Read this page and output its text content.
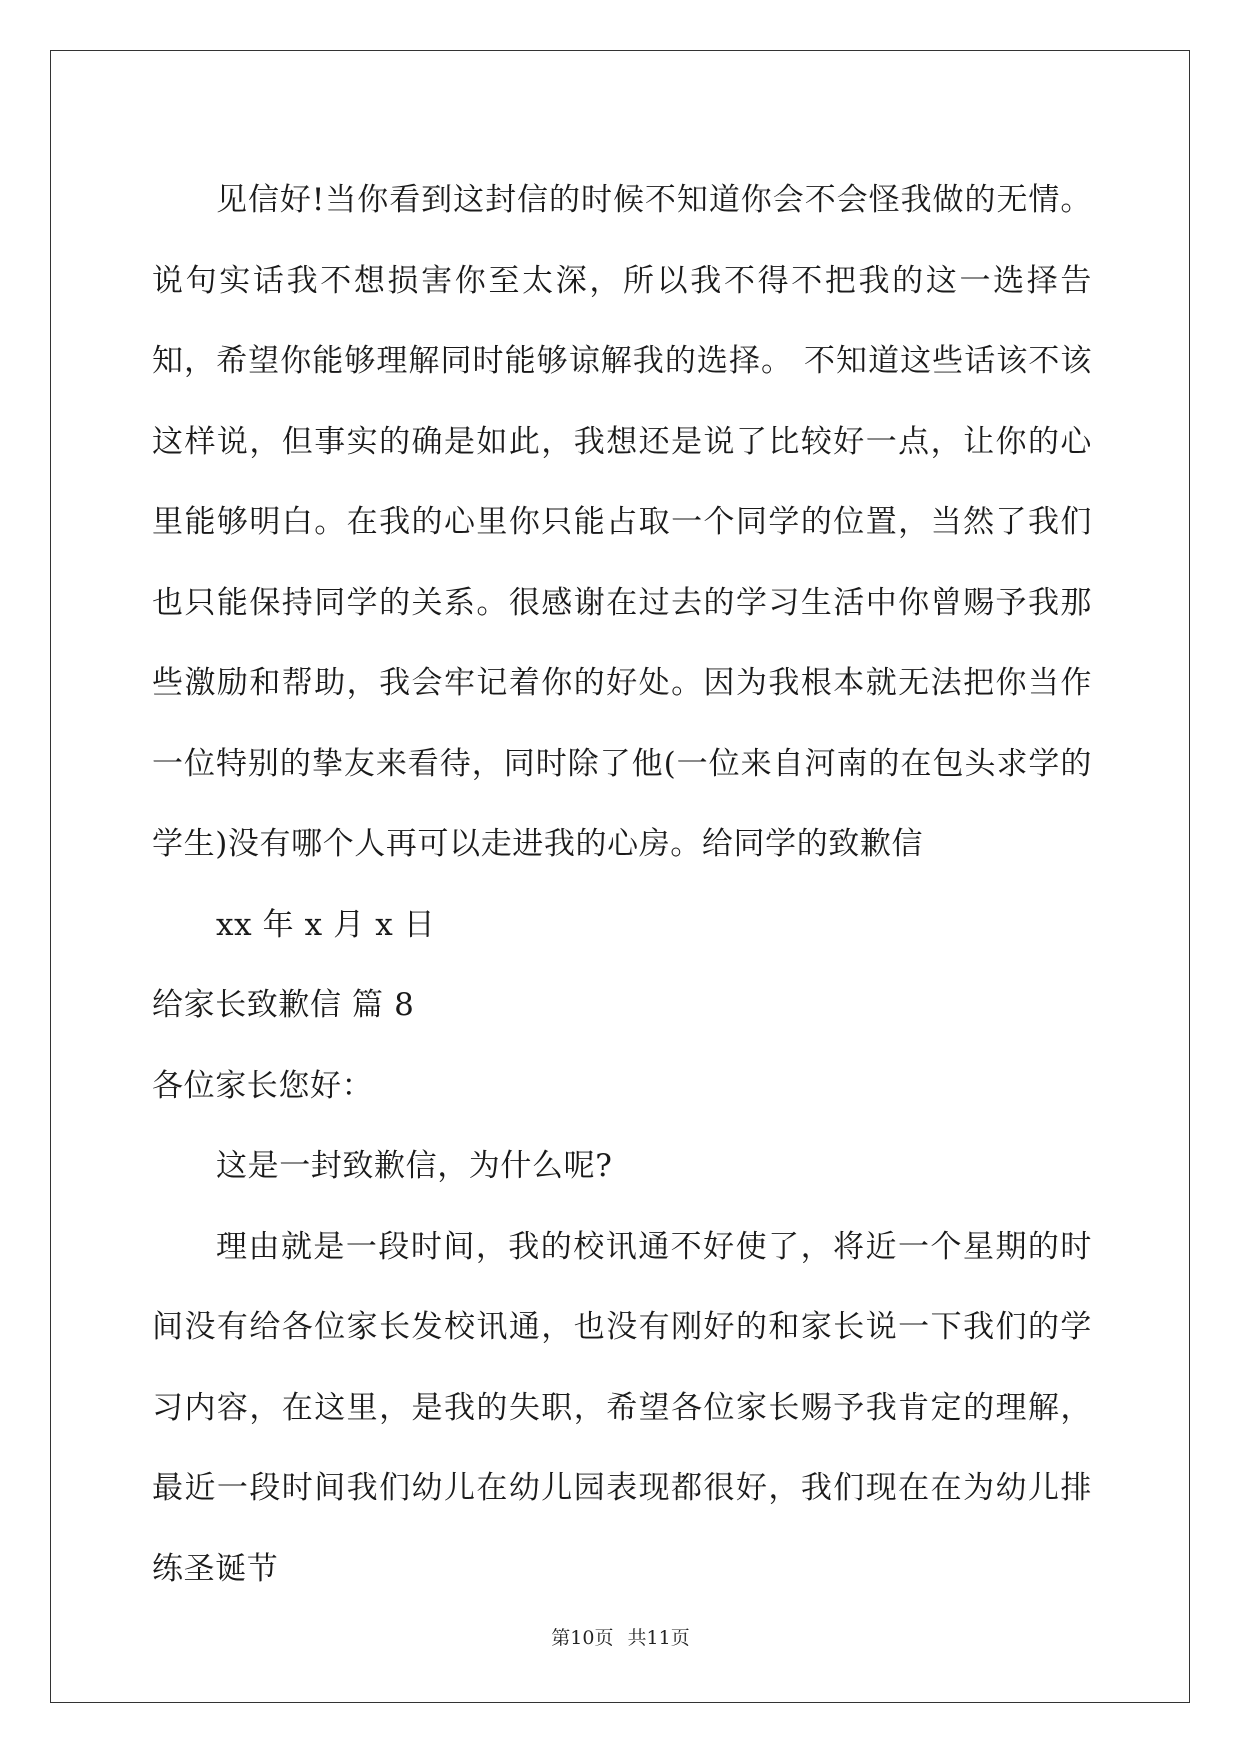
见信好!当你看到这封信的时候不知道你会不会怪我做的无情。说句实话我不想损害你至太深，所以我不得不把我的这一选择告知，希望你能够理解同时能够谅解我的选择。 不知道这些话该不该这样说，但事实的确是如此，我想还是说了比较好一点，让你的心里能够明白。在我的心里你只能占取一个同学的位置，当然了我们也只能保持同学的关系。很感谢在过去的学习生活中你曾赐予我那些激励和帮助，我会牢记着你的好处。因为我根本就无法把你当作一位特别的挚友来看待，同时除了他(一位来自河南的在包头求学的学生)没有哪个人再可以走进我的心房。给同学的致歉信

xx 年 x 月 x 日

给家长致歉信 篇 8

各位家长您好：

这是一封致歉信，为什么呢?

理由就是一段时间，我的校讯通不好使了，将近一个星期的时间没有给各位家长发校讯通，也没有刚好的和家长说一下我们的学习内容，在这里，是我的失职，希望各位家长赐予我肯定的理解，最近一段时间我们幼儿在幼儿园表现都很好，我们现在在为幼儿排练圣诞节

第10页 共11页
